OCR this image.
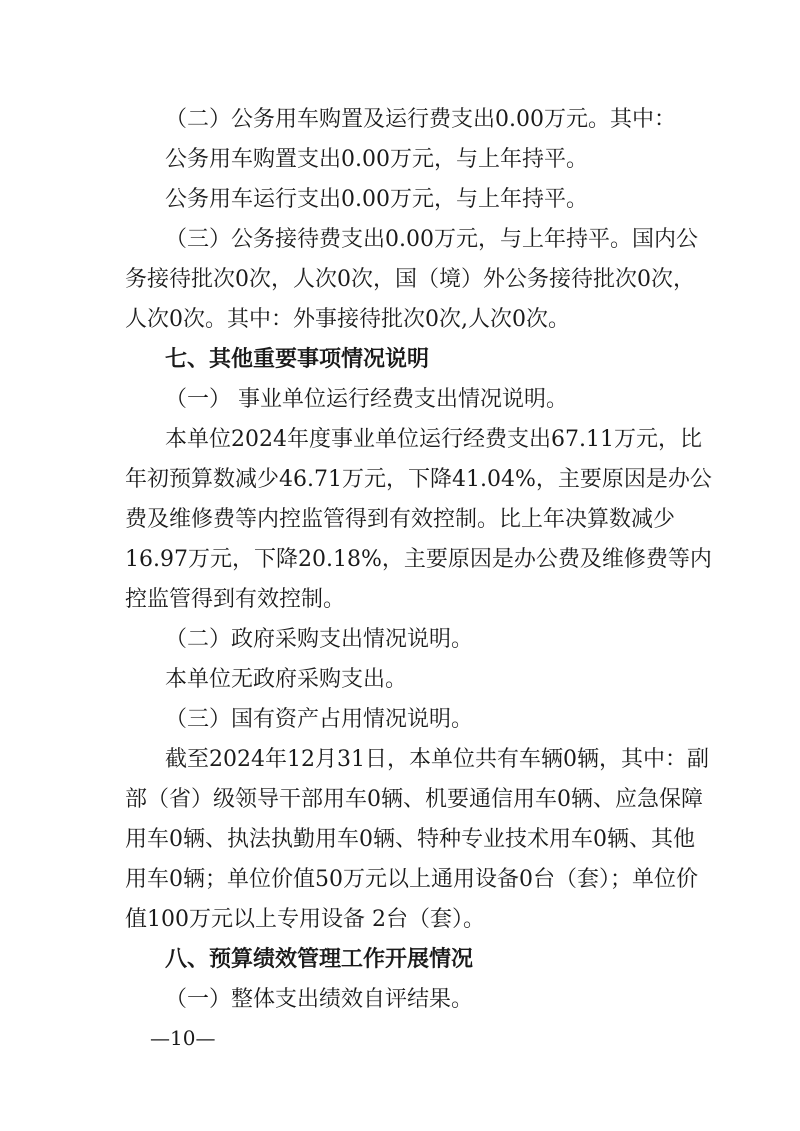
（二）公务用车购置及运行费支出0.00万元。其中：
公务用车购置支出0.00万元，与上年持平。
公务用车运行支出0.00万元，与上年持平。
（三）公务接待费支出0.00万元，与上年持平。国内公
务接待批次0次，人次0次，国（境）外公务接待批次0次，
人次0次。其中：外事接待批次0次,人次0次。
七、其他重要事项情况说明
（一） 事业单位运行经费支出情况说明。
本单位2024年度事业单位运行经费支出67.11万元，比
年初预算数减少46.71万元，下降41.04%，主要原因是办公
费及维修费等内控监管得到有效控制。比上年决算数减少
16.97万元，下降20.18%，主要原因是办公费及维修费等内
控监管得到有效控制。
（二）政府采购支出情况说明。
本单位无政府采购支出。
（三）国有资产占用情况说明。
截至2024年12月31日，本单位共有车辆0辆，其中：副
部（省）级领导干部用车0辆、机要通信用车0辆、应急保障
用车0辆、执法执勤用车0辆、特种专业技术用车0辆、其他
用车0辆；单位价值50万元以上通用设备0台（套）；单位价
值100万元以上专用设备 2台（套）。
八、预算绩效管理工作开展情况
（一）整体支出绩效自评结果。
—10—
